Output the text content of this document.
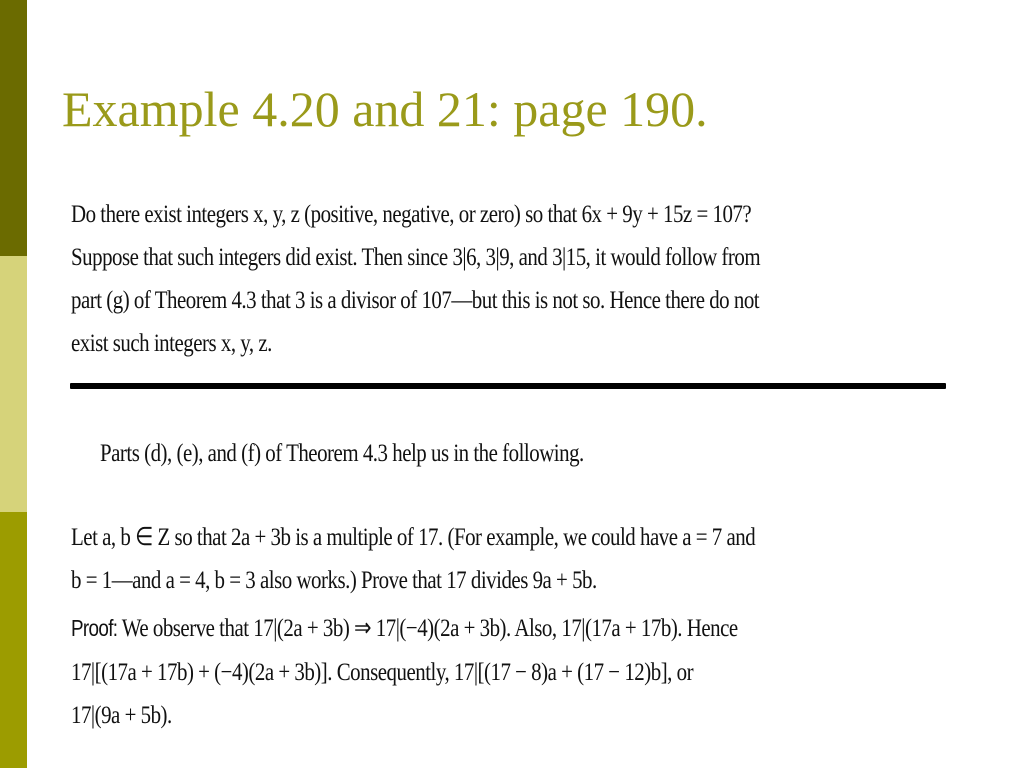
Example 4.20 and 21: page 190.
Do there exist integers x, y, z (positive, negative, or zero) so that 6x + 9y + 15z = 107?
Suppose that such integers did exist. Then since 3|6, 3|9, and 3|15, it would follow from
part (g) of Theorem 4.3 that 3 is a divisor of 107—but this is not so. Hence there do not
exist such integers x, y, z.
Parts (d), (e), and (f) of Theorem 4.3 help us in the following.
Let a, b ∈ Z so that 2a + 3b is a multiple of 17. (For example, we could have a = 7 and
b = 1—and a = 4, b = 3 also works.) Prove that 17 divides 9a + 5b.
Proof: We observe that 17|(2a + 3b) ⇒ 17|(−4)(2a + 3b). Also, 17|(17a + 17b). Hence
17|[(17a + 17b) + (−4)(2a + 3b)]. Consequently, 17|[(17 − 8)a + (17 − 12)b], or
17|(9a + 5b).
